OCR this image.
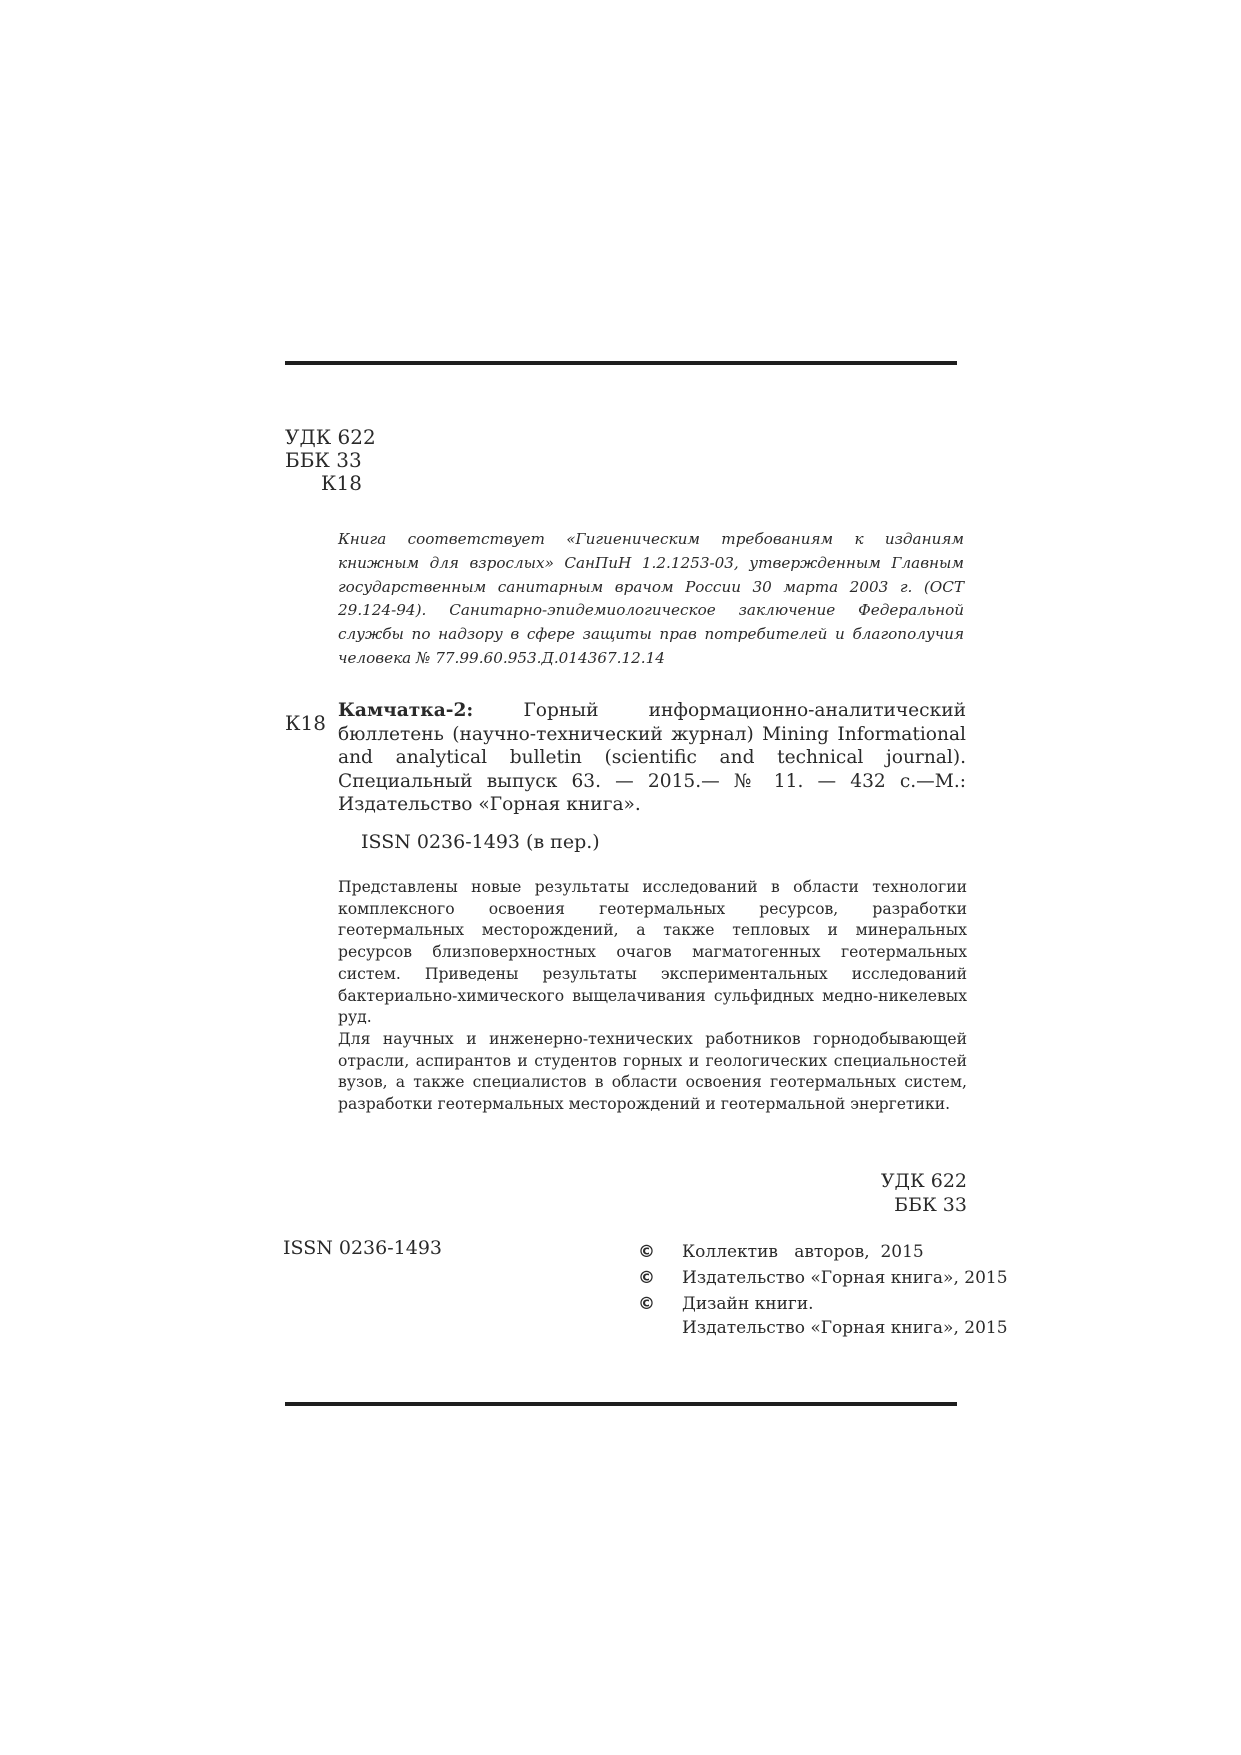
УДК 622
ББК 33
К18
Книга соответствует «Гигиеническим требованиям к изданиям книжным для взрослых» СанПиН 1.2.1253-03, утвержденным Главным государственным санитарным врачом России 30 марта 2003 г. (ОСТ 29.124-94). Санитарно-эпидемиологическое заключение Федеральной службы по надзору в сфере защиты прав потребителей и благополучия человека № 77.99.60.953.Д.014367.12.14
К18
Камчатка-2: Горный информационно-аналитический бюллетень (научно-технический журнал) Mining Informational and analytical bulletin (scientific and technical journal). Специальный выпуск 63. — 2015.— № 11. — 432 с.—М.: Издательство «Горная книга».
ISSN 0236-1493 (в пер.)

Представлены новые результаты исследований в области технологии комплексного освоения геотермальных ресурсов, разработки геотермальных месторождений, а также тепловых и минеральных ресурсов близповерхностных очагов магматогенных геотермальных систем. Приведены результаты экспериментальных исследований бактериально-химического выщелачивания сульфидных медно-никелевых руд.

Для научных и инженерно-технических работников горнодобывающей отрасли, аспирантов и студентов горных и геологических специальностей вузов, а также специалистов в области освоения геотермальных систем, разработки геотермальных месторождений и геотермальной энергетики.

УДК 622
ББК 33
ISSN 0236-1493	©	Коллектив   авторов,  2015
©	Издательство «Горная книга», 2015
©	Дизайн книги.
Издательство «Горная книга», 2015
